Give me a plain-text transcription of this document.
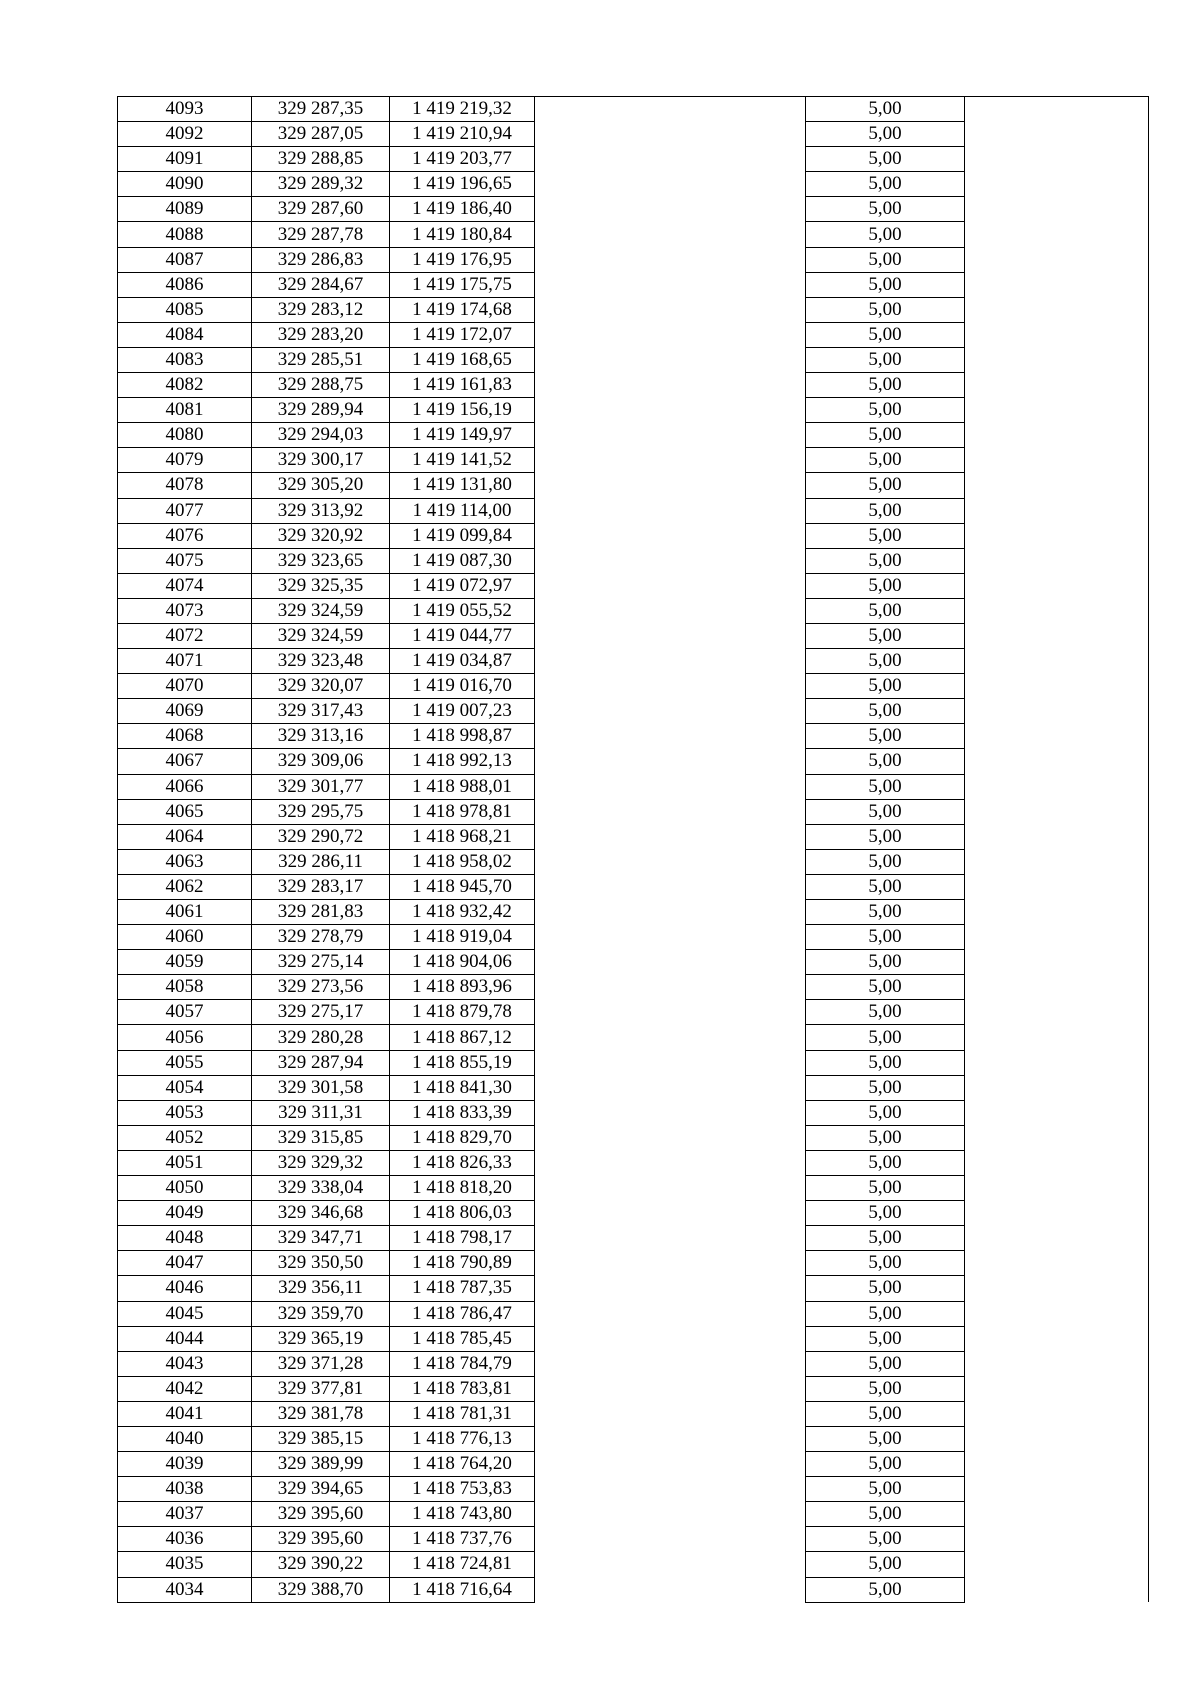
4093	329 287,35	1 419 219,32		5,00	
4092	329 287,05	1 419 210,94		5,00	
4091	329 288,85	1 419 203,77		5,00	
4090	329 289,32	1 419 196,65		5,00	
4089	329 287,60	1 419 186,40		5,00	
4088	329 287,78	1 419 180,84		5,00	
4087	329 286,83	1 419 176,95		5,00	
4086	329 284,67	1 419 175,75		5,00	
4085	329 283,12	1 419 174,68		5,00	
4084	329 283,20	1 419 172,07		5,00	
4083	329 285,51	1 419 168,65		5,00	
4082	329 288,75	1 419 161,83		5,00	
4081	329 289,94	1 419 156,19		5,00	
4080	329 294,03	1 419 149,97		5,00	
4079	329 300,17	1 419 141,52		5,00	
4078	329 305,20	1 419 131,80		5,00	
4077	329 313,92	1 419 114,00		5,00	
4076	329 320,92	1 419 099,84		5,00	
4075	329 323,65	1 419 087,30		5,00	
4074	329 325,35	1 419 072,97		5,00	
4073	329 324,59	1 419 055,52		5,00	
4072	329 324,59	1 419 044,77		5,00	
4071	329 323,48	1 419 034,87		5,00	
4070	329 320,07	1 419 016,70		5,00	
4069	329 317,43	1 419 007,23		5,00	
4068	329 313,16	1 418 998,87		5,00	
4067	329 309,06	1 418 992,13		5,00	
4066	329 301,77	1 418 988,01		5,00	
4065	329 295,75	1 418 978,81		5,00	
4064	329 290,72	1 418 968,21		5,00	
4063	329 286,11	1 418 958,02		5,00	
4062	329 283,17	1 418 945,70		5,00	
4061	329 281,83	1 418 932,42		5,00	
4060	329 278,79	1 418 919,04		5,00	
4059	329 275,14	1 418 904,06		5,00	
4058	329 273,56	1 418 893,96		5,00	
4057	329 275,17	1 418 879,78		5,00	
4056	329 280,28	1 418 867,12		5,00	
4055	329 287,94	1 418 855,19		5,00	
4054	329 301,58	1 418 841,30		5,00	
4053	329 311,31	1 418 833,39		5,00	
4052	329 315,85	1 418 829,70		5,00	
4051	329 329,32	1 418 826,33		5,00	
4050	329 338,04	1 418 818,20		5,00	
4049	329 346,68	1 418 806,03		5,00	
4048	329 347,71	1 418 798,17		5,00	
4047	329 350,50	1 418 790,89		5,00	
4046	329 356,11	1 418 787,35		5,00	
4045	329 359,70	1 418 786,47		5,00	
4044	329 365,19	1 418 785,45		5,00	
4043	329 371,28	1 418 784,79		5,00	
4042	329 377,81	1 418 783,81		5,00	
4041	329 381,78	1 418 781,31		5,00	
4040	329 385,15	1 418 776,13		5,00	
4039	329 389,99	1 418 764,20		5,00	
4038	329 394,65	1 418 753,83		5,00	
4037	329 395,60	1 418 743,80		5,00	
4036	329 395,60	1 418 737,76		5,00	
4035	329 390,22	1 418 724,81		5,00	
4034	329 388,70	1 418 716,64		5,00	
